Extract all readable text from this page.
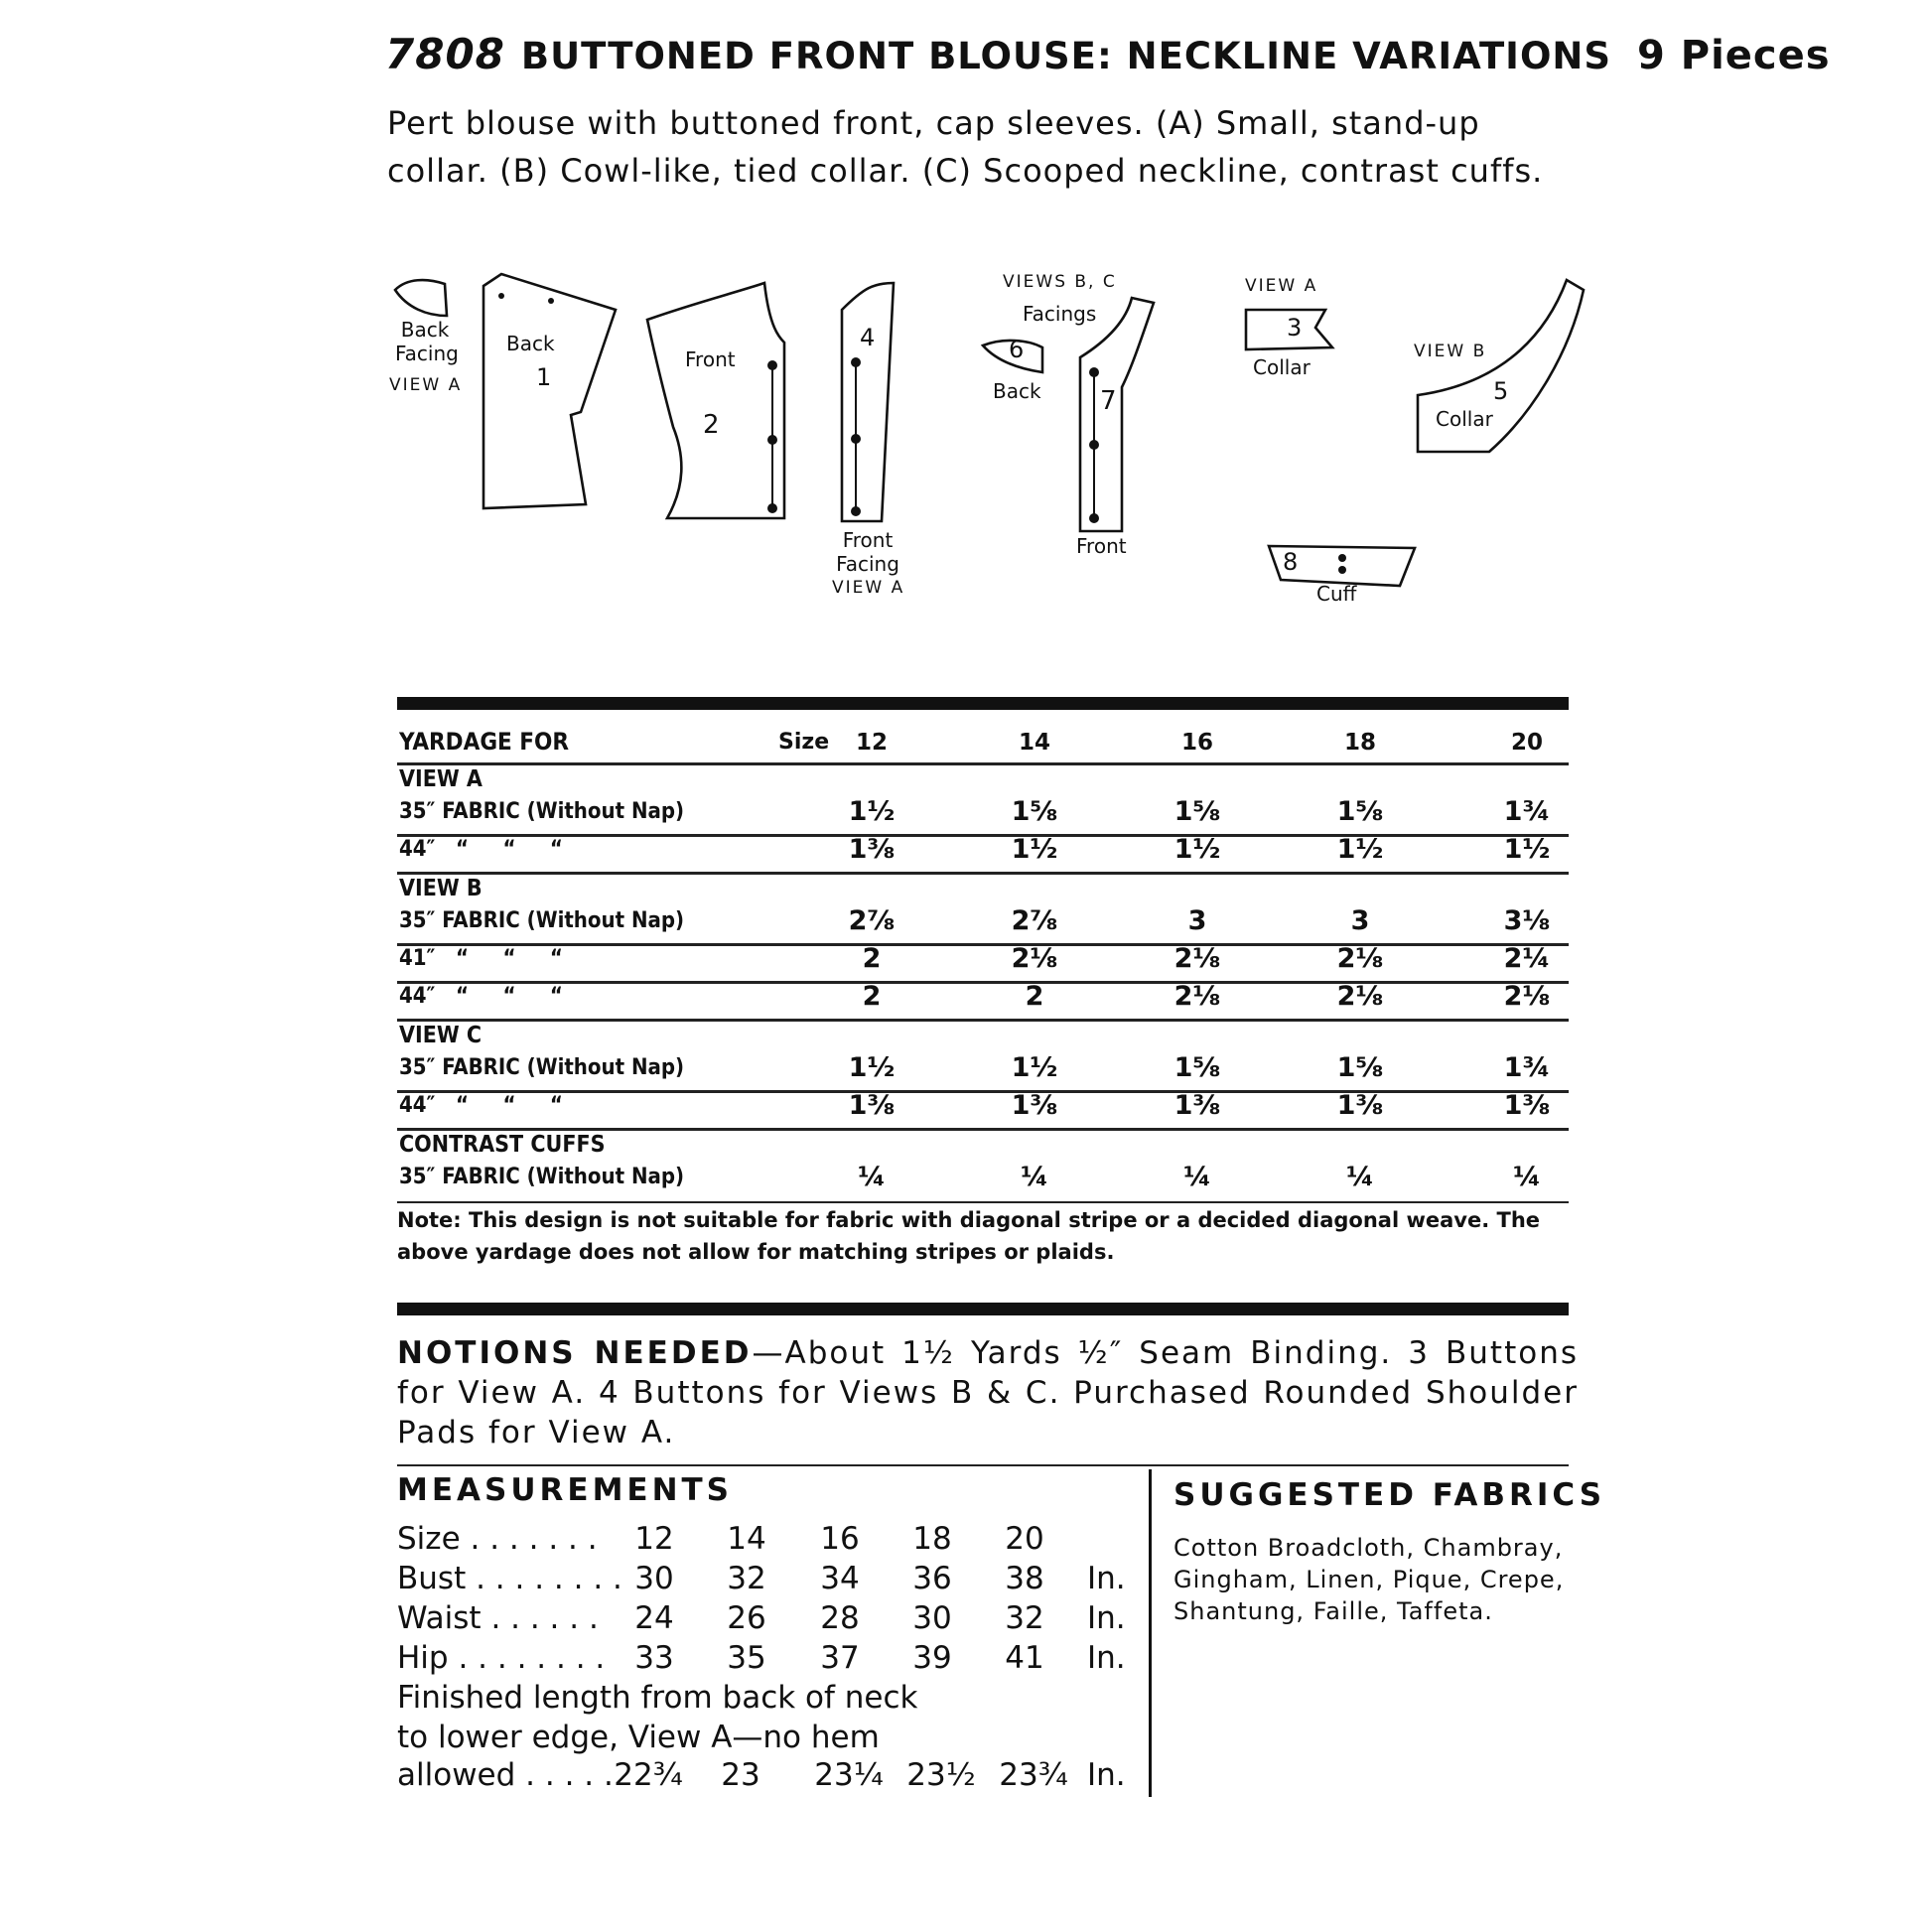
7808 BUTTONED FRONT BLOUSE: NECKLINE VARIATIONS 9 Pieces
Pert blouse with buttoned front, cap sleeves. (A) Small, stand-up collar. (B) Cowl-like, tied collar. (C) Scooped neckline, contrast cuffs.
Back Facing
VIEW A
Back
1
Front
2
4
Front Facing
VIEW A
VIEWS B, C
Facings
6
Back 7
Front
VIEW A
3
Collar
VIEW B
5
Collar
8
Cuff
YARDAGE FOR	Size 12	14	16	18	20
VIEW A
35″ FABRIC (Without Nap)	1½	1⅝	1⅝	1⅝	1¾
44″   “     “     “	1⅜	1½	1½	1½	1½
VIEW B
35″ FABRIC (Without Nap)	2⅞	2⅞	3	3	3⅛
41″   “     “     “	2	2⅛	2⅛	2⅛	2¼
44″   “     “     “	2	2	2⅛	2⅛	2⅛
VIEW C
35″ FABRIC (Without Nap)	1½	1½	1⅝	1⅝	1¾
44″   “     “     “	1⅜	1⅜	1⅜	1⅜	1⅜
CONTRAST CUFFS
35″ FABRIC (Without Nap)	¼	¼	¼	¼	¼
Note: This design is not suitable for fabric with diagonal stripe or a decided diagonal weave. The above yardage does not allow for matching stripes or plaids.
NOTIONS NEEDED—About 1½ Yards ½″ Seam Binding. 3 Buttons for View A. 4 Buttons for Views B & C. Purchased Rounded Shoulder Pads for View A.
MEASUREMENTS
Size . . . . . . . 12 14 16 18 20
Bust . . . . . . . . 30 32 34 36 38 In.
Waist . . . . . . 24 26 28 30 32 In.
Hip . . . . . . . . 33 35 37 39 41 In.
Finished length from back of neck
to lower edge, View A—no hem
allowed . . . . . 22¾	23	23¼ 23½ 23¾ In.
SUGGESTED FABRICS
Cotton Broadcloth, Chambray, Gingham, Linen, Pique, Crepe, Shantung, Faille, Taffeta.
